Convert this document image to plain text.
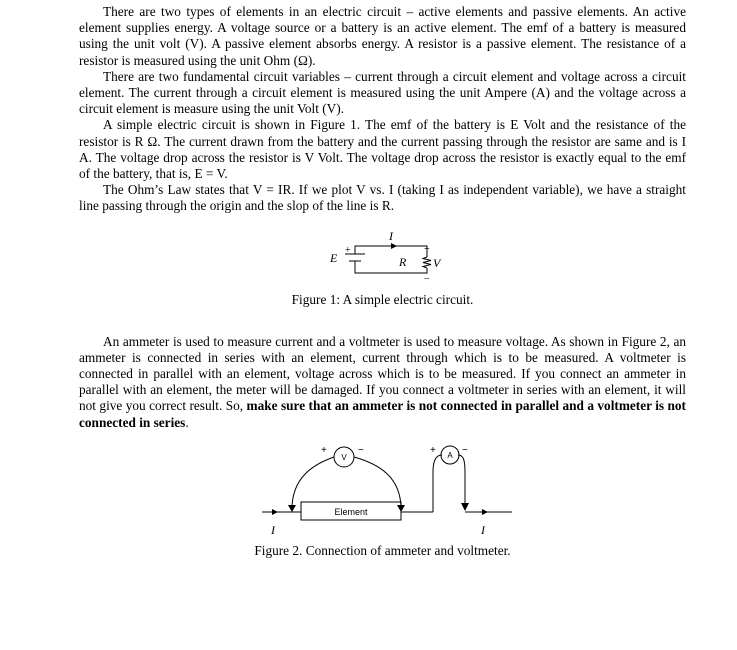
There are two types of elements in an electric circuit – active elements and passive elements. An active element supplies energy. A voltage source or a battery is an active element. The emf of a battery is measured using the unit volt (V). A passive element absorbs energy. A resistor is a passive element. The resistance of a resistor is measured using the unit Ohm (Ω).

There are two fundamental circuit variables – current through a circuit element and voltage across a circuit element. The current through a circuit element is measured using the unit Ampere (A) and the voltage across a circuit element is measure using the unit Volt (V).

A simple electric circuit is shown in Figure 1. The emf of the battery is E Volt and the resistance of the resistor is R Ω. The current drawn from the battery and the current passing through the resistor are same and is I A. The voltage drop across the resistor is V Volt. The voltage drop across the resistor is exactly equal to the emf of the battery, that is, E = V.

The Ohm’s Law states that V = IR. If we plot V vs. I (taking I as independent variable), we have a straight line passing through the origin and the slop of the line is R.

I
E
+
R V
+
−

Figure 1: A simple electric circuit.

An ammeter is used to measure current and a voltmeter is used to measure voltage. As shown in Figure 2, an ammeter is connected in series with an element, current through which is to be measured. A voltmeter is connected in parallel with an element, voltage across which is to be measured. If you connect an ammeter in parallel with an element, the meter will be damaged. If you connect a voltmeter in series with an element, it will not give you correct result. So, make sure that an ammeter is not connected in parallel and a voltmeter is not connected in series.

Element
V	A
+	−	+	−
I	I

Figure 2. Connection of ammeter and voltmeter.
